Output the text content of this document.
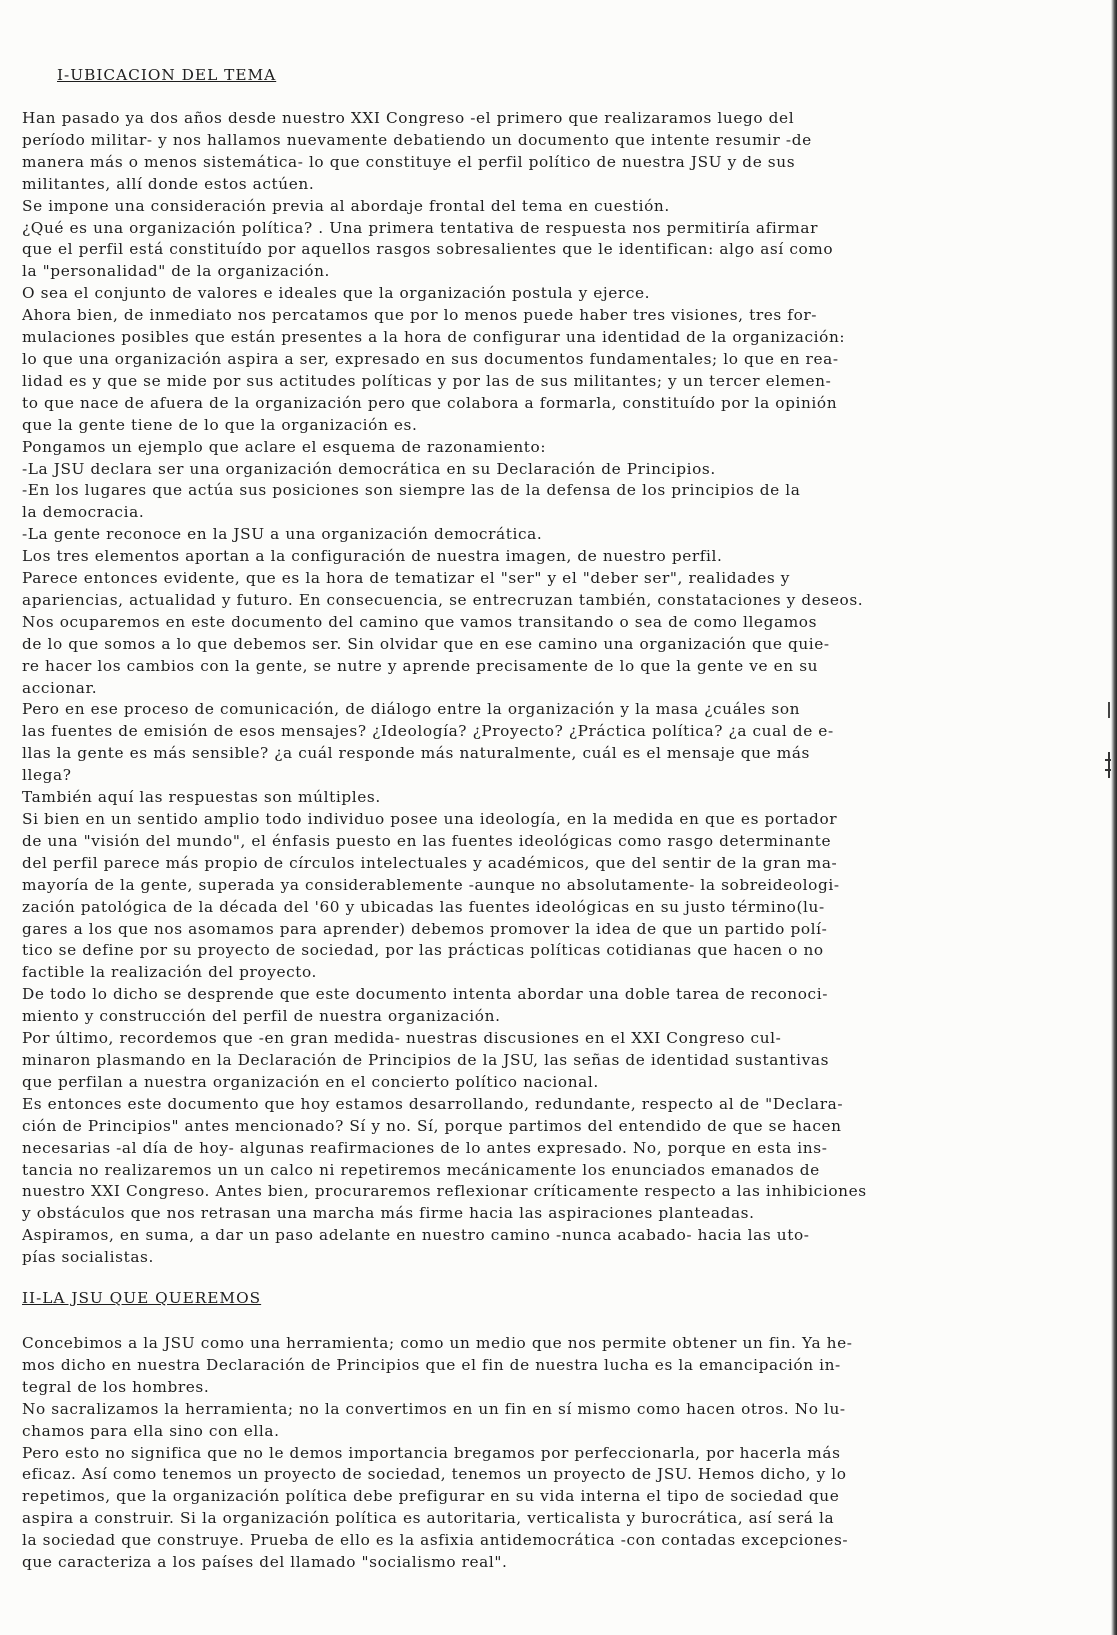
I-UBICACION DEL TEMA
Han pasado ya dos años desde nuestro XXI Congreso -el primero que realizaramos luego del
período militar- y nos hallamos nuevamente debatiendo un documento que intente resumir -de
manera más o menos sistemática- lo que constituye el perfil político de nuestra JSU y de sus
militantes, allí donde estos actúen.
Se impone una consideración previa al abordaje frontal del tema en cuestión.
¿Qué es una organización política? . Una primera tentativa de respuesta nos permitiría afirmar
que el perfil está constituído por aquellos rasgos sobresalientes que le identifican: algo así como
la "personalidad" de la organización.
O sea el conjunto de valores e ideales que la organización postula y ejerce.
Ahora bien, de inmediato nos percatamos que por lo menos puede haber tres visiones, tres for-
mulaciones posibles que están presentes a la hora de configurar una identidad de la organización:
lo que una organización aspira a ser, expresado en sus documentos fundamentales; lo que en rea-
lidad es y que se mide por sus actitudes políticas y por las de sus militantes; y un tercer elemen-
to que nace de afuera de la organización pero que colabora a formarla, constituído por la opinión
que la gente tiene de lo que la organización es.
Pongamos un ejemplo que aclare el esquema de razonamiento:
-La JSU declara ser una organización democrática en su Declaración de Principios.
-En los lugares que actúa sus posiciones son siempre las de la defensa de los principios de la
la democracia.
-La gente reconoce en la JSU a una organización democrática.
Los tres elementos aportan a la configuración de nuestra imagen, de nuestro perfil.
Parece entonces evidente, que es la hora de tematizar el "ser" y el "deber ser", realidades y
apariencias, actualidad y futuro. En consecuencia, se entrecruzan también, constataciones y deseos.
Nos ocuparemos en este documento del camino que vamos transitando o sea de como llegamos
de lo que somos a lo que debemos ser. Sin olvidar que en ese camino una organización que quie-
re hacer los cambios con la gente, se nutre y aprende precisamente de lo que la gente ve en su
accionar.
Pero en ese proceso de comunicación, de diálogo entre la organización y la masa ¿cuáles son
las fuentes de emisión de esos mensajes? ¿Ideología? ¿Proyecto? ¿Práctica política? ¿a cual de e-
llas la gente es más sensible? ¿a cuál responde más naturalmente, cuál es el mensaje que más
llega?
También aquí las respuestas son múltiples.
Si bien en un sentido amplio todo individuo posee una ideología, en la medida en que es portador
de una "visión del mundo", el énfasis puesto en las fuentes ideológicas como rasgo determinante
del perfil parece más propio de círculos intelectuales y académicos, que del sentir de la gran ma-
mayoría de la gente, superada ya considerablemente -aunque no absolutamente- la sobreideologi-
zación patológica de la década del '60 y ubicadas las fuentes ideológicas en su justo término(lu-
gares a los que nos asomamos para aprender) debemos promover la idea de que un partido polí-
tico se define por su proyecto de sociedad, por las prácticas políticas cotidianas que hacen o no
factible la realización del proyecto.
De todo lo dicho se desprende que este documento intenta abordar una doble tarea de reconoci-
miento y construcción del perfil de nuestra organización.
Por último, recordemos que -en gran medida- nuestras discusiones en el XXI Congreso cul-
minaron plasmando en la Declaración de Principios de la JSU, las señas de identidad sustantivas
que perfilan a nuestra organización en el concierto político nacional.
Es entonces este documento que hoy estamos desarrollando, redundante, respecto al de "Declara-
ción de Principios" antes mencionado? Sí y no. Sí, porque partimos del entendido de que se hacen
necesarias -al día de hoy- algunas reafirmaciones de lo antes expresado. No, porque en esta ins-
tancia no realizaremos un un calco ni repetiremos mecánicamente los enunciados emanados de
nuestro XXI Congreso. Antes bien, procuraremos reflexionar críticamente respecto a las inhibiciones
y obstáculos que nos retrasan una marcha más firme hacia las aspiraciones planteadas.
Aspiramos, en suma, a dar un paso adelante en nuestro camino -nunca acabado- hacia las uto-
pías socialistas.
II-LA JSU QUE QUEREMOS
Concebimos a la JSU como una herramienta; como un medio que nos permite obtener un fin. Ya he-
mos dicho en nuestra Declaración de Principios que el fin de nuestra lucha es la emancipación in-
tegral de los hombres.
No sacralizamos la herramienta; no la convertimos en un fin en sí mismo como hacen otros. No lu-
chamos para ella sino con ella.
Pero esto no significa que no le demos importancia bregamos por perfeccionarla, por hacerla más
eficaz. Así como tenemos un proyecto de sociedad, tenemos un proyecto de JSU. Hemos dicho, y lo
repetimos, que la organización política debe prefigurar en su vida interna el tipo de sociedad que
aspira a construir. Si la organización política es autoritaria, verticalista y burocrática, así será la
la sociedad que construye. Prueba de ello es la asfixia antidemocrática -con contadas excepciones-
que caracteriza a los países del llamado "socialismo real".
